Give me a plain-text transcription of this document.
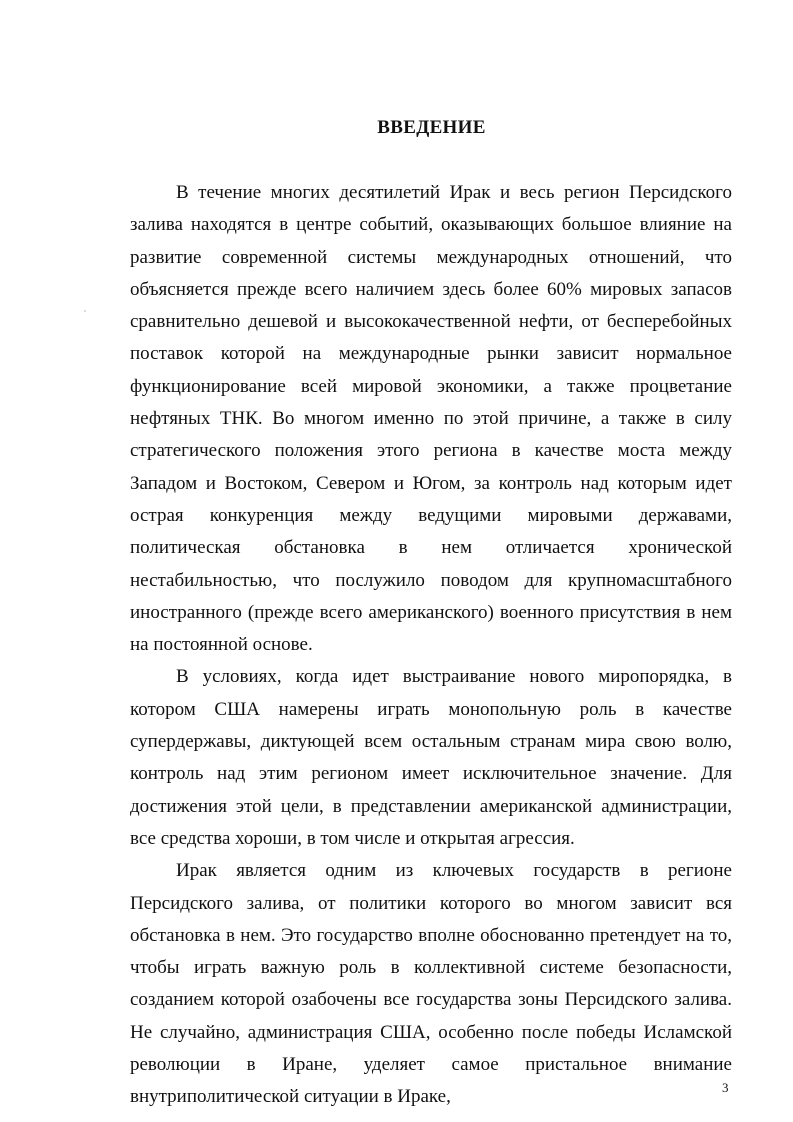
ВВЕДЕНИЕ

В течение многих десятилетий Ирак и весь регион Персидского залива находятся в центре событий, оказывающих большое влияние на развитие современной системы международных отношений, что объясняется прежде всего наличием здесь более 60% мировых запасов сравнительно дешевой и высококачественной нефти, от бесперебойных поставок которой на международные рынки зависит нормальное функционирование всей мировой экономики, а также процветание нефтяных ТНК. Во многом именно по этой причине, а также в силу стратегического положения этого региона в качестве моста между Западом и Востоком, Севером и Югом, за контроль над которым идет острая конкуренция между ведущими мировыми державами, политическая обстановка в нем отличается хронической нестабильностью, что послужило поводом для крупномасштабного иностранного (прежде всего американского) военного присутствия в нем на постоянной основе.

В условиях, когда идет выстраивание нового миропорядка, в котором США намерены играть монопольную роль в качестве супердержавы, диктующей всем остальным странам мира свою волю, контроль над этим регионом имеет исключительное значение. Для достижения этой цели, в представлении американской администрации, все средства хороши, в том числе и открытая агрессия.

Ирак является одним из ключевых государств в регионе Персидского залива, от политики которого во многом зависит вся обстановка в нем. Это государство вполне обоснованно претендует на то, чтобы играть важную роль в коллективной системе безопасности, созданием которой озабочены все государства зоны Персидского залива. Не случайно, администрация США, особенно после победы Исламской революции в Иране, уделяет самое пристальное внимание внутриполитической ситуации в Ираке,	3
